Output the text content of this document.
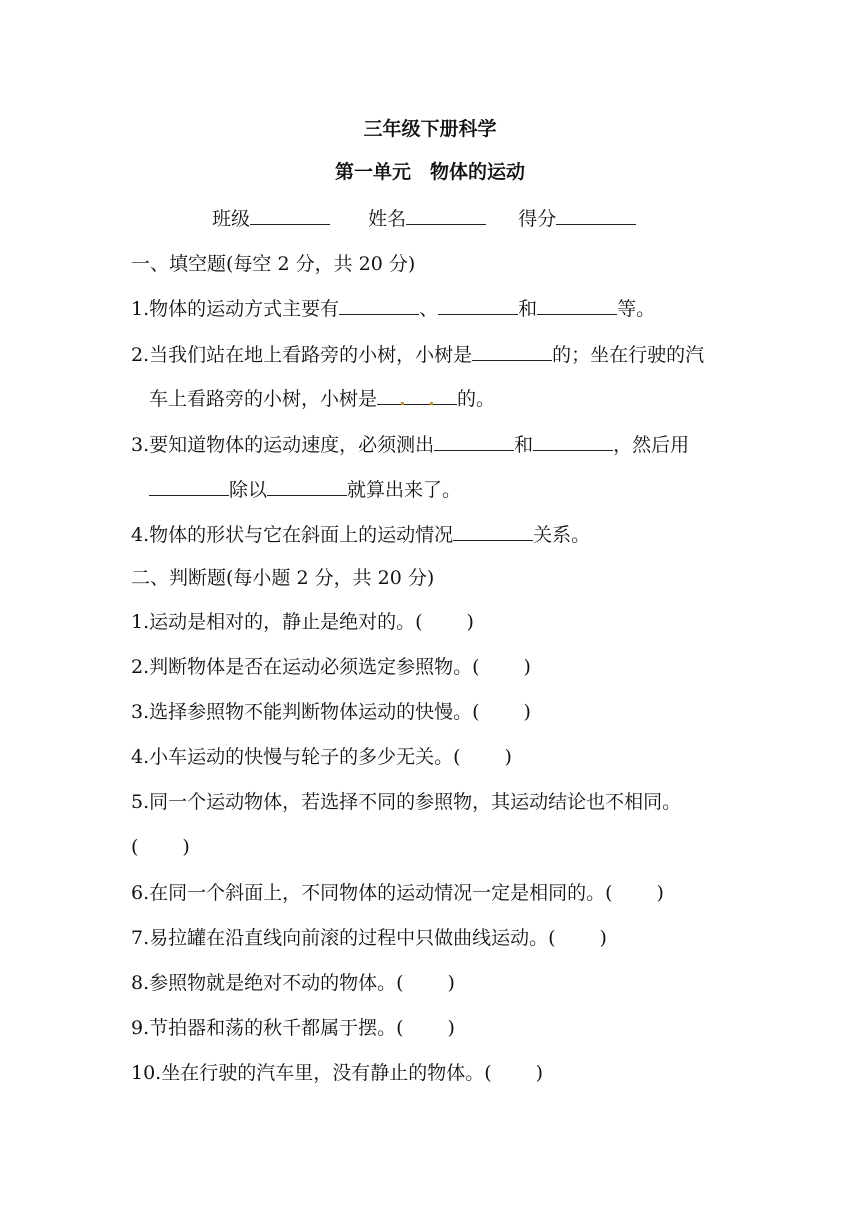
三年级下册科学
第一单元　物体的运动
班级	姓名	得分
一、填空题(每空 2 分，共 20 分)
1.物体的运动方式主要有	、	和	等。
2.当我们站在地上看路旁的小树，小树是	的；坐在行驶的汽
车上看路旁的小树，小树是	的。
3.要知道物体的运动速度，必须测出	和	，然后用
除以	就算出来了。
4.物体的形状与它在斜面上的运动情况	关系。
二、判断题(每小题 2 分，共 20 分)
1.运动是相对的，静止是绝对的。( )
2.判断物体是否在运动必须选定参照物。( )
3.选择参照物不能判断物体运动的快慢。( )
4.小车运动的快慢与轮子的多少无关。( )
5.同一个运动物体，若选择不同的参照物，其运动结论也不相同。
( )
6.在同一个斜面上，不同物体的运动情况一定是相同的。( )
7.易拉罐在沿直线向前滚的过程中只做曲线运动。( )
8.参照物就是绝对不动的物体。( )
9.节拍器和荡的秋千都属于摆。( )
10.坐在行驶的汽车里，没有静止的物体。( )
